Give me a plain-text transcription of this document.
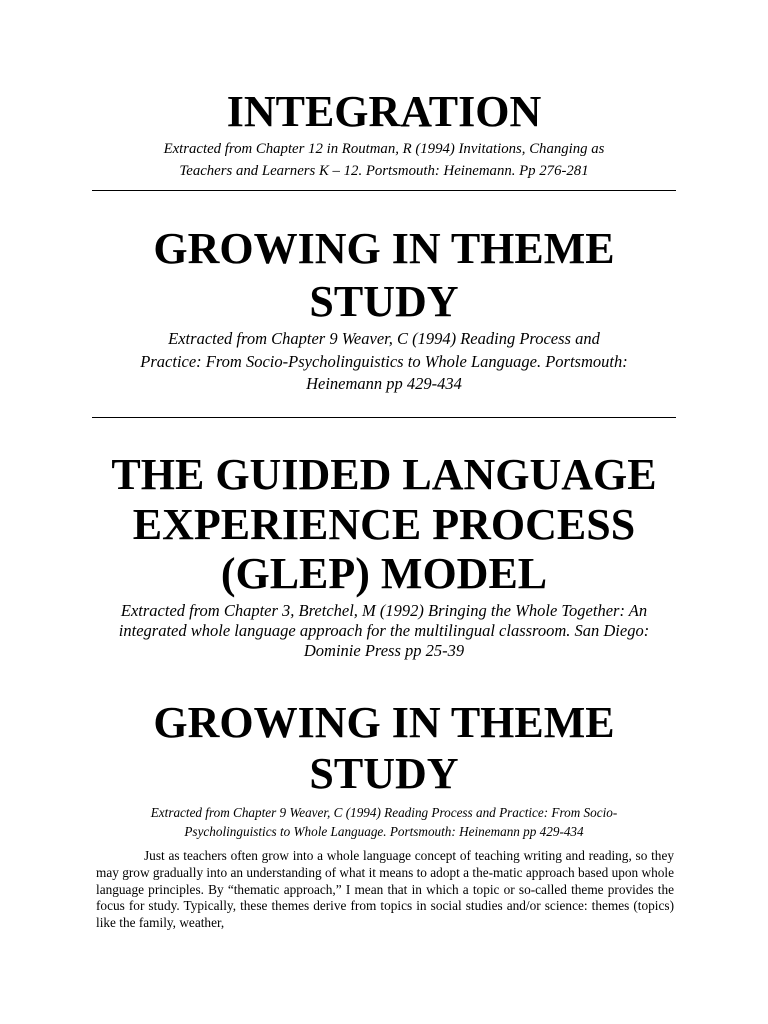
INTEGRATION

Extracted from Chapter 12 in Routman, R (1994) Invitations, Changing as
Teachers and Learners K – 12. Portsmouth: Heinemann. Pp 276-281

GROWING IN THEME
STUDY

Extracted from Chapter 9 Weaver, C (1994) Reading Process and
Practice: From Socio-Psycholinguistics to Whole Language. Portsmouth:
Heinemann pp 429-434

THE GUIDED LANGUAGE
EXPERIENCE PROCESS
(GLEP) MODEL

Extracted from Chapter 3, Bretchel, M (1992) Bringing the Whole Together: An
integrated whole language approach for the multilingual classroom. San Diego:
Dominie Press pp 25-39

GROWING IN THEME
STUDY

Extracted from Chapter 9 Weaver, C (1994) Reading Process and Practice: From Socio-
Psycholinguistics to Whole Language. Portsmouth: Heinemann pp 429-434

Just as teachers often grow into a whole language concept of teaching writing and reading, so they may grow gradually into an understanding of what it means to adopt a the-matic approach based upon whole language principles. By “thematic approach,” I mean that in which a topic or so-called theme provides the focus for study. Typically, these themes derive from topics in social studies and/or science: themes (topics) like the family, weather,
